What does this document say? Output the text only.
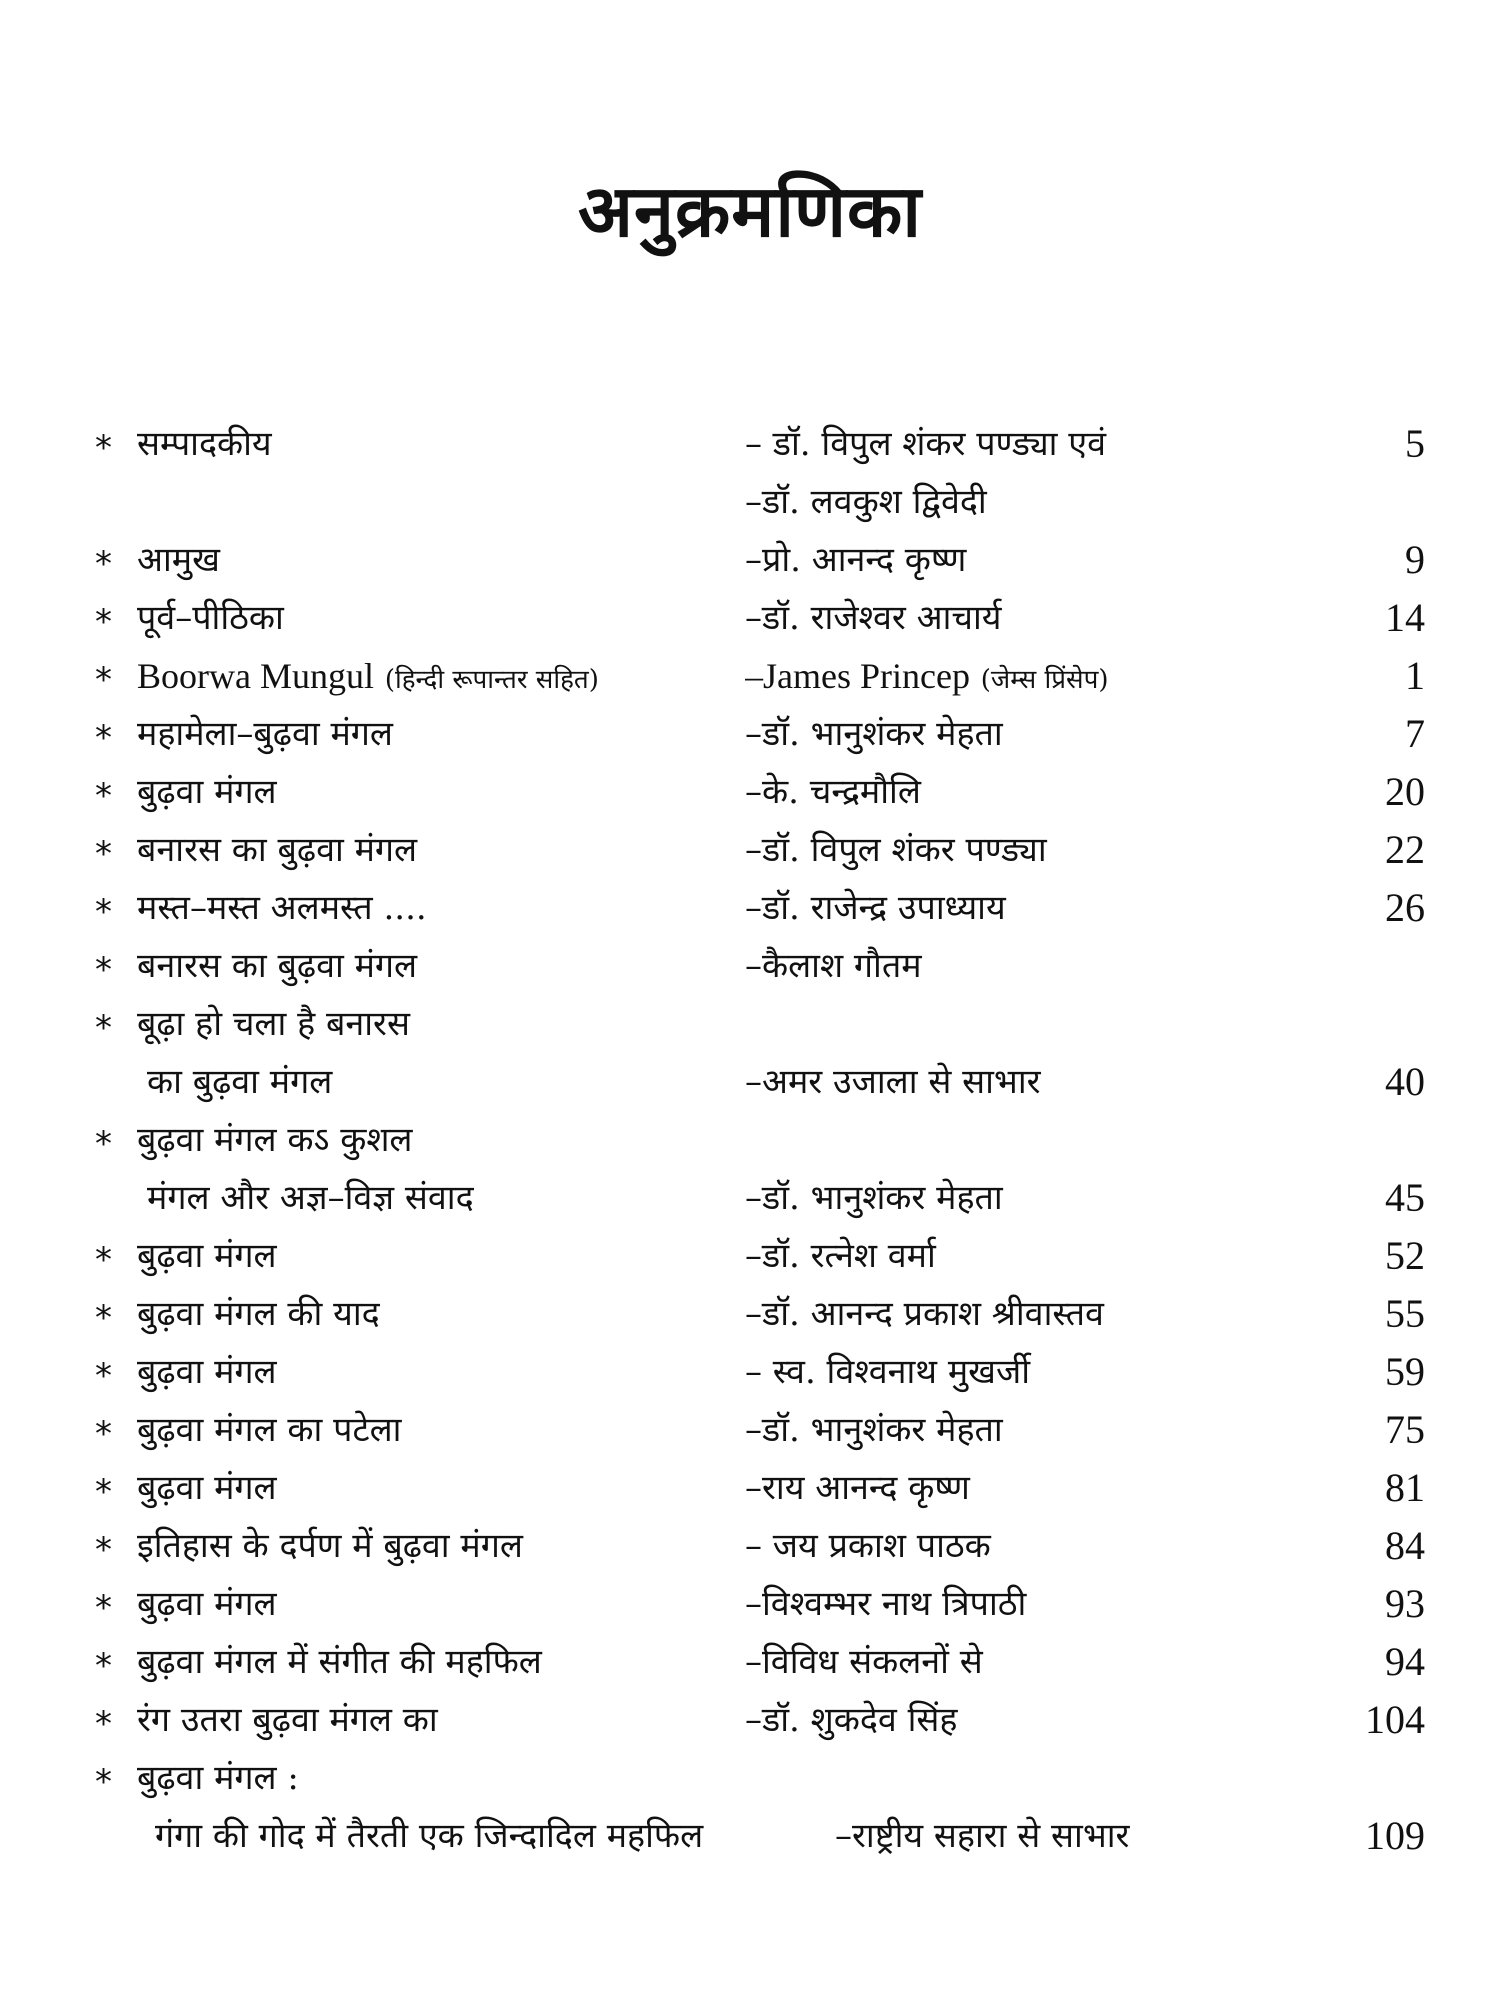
अनुक्रमणिका
* सम्पादकीय	– डॉ. विपुल शंकर पण्ड्या एवं	5
–डॉ. लवकुश द्विवेदी
* आमुख	–प्रो. आनन्द कृष्ण	9
* पूर्व–पीठिका	–डॉ. राजेश्वर आचार्य	14
* Boorwa Mungul (हिन्दी रूपान्तर सहित)	–James Princep (जेम्स प्रिंसेप)	1
* महामेला–बुढ़वा मंगल	–डॉ. भानुशंकर मेहता	7
* बुढ़वा मंगल	–के. चन्द्रमौलि	20
* बनारस का बुढ़वा मंगल	–डॉ. विपुल शंकर पण्ड्या	22
* मस्त–मस्त अलमस्त ....	–डॉ. राजेन्द्र उपाध्याय	26
* बनारस का बुढ़वा मंगल	–कैलाश गौतम
* बूढ़ा हो चला है बनारस
का बुढ़वा मंगल	–अमर उजाला से साभार	40
* बुढ़वा मंगल कऽ कुशल
मंगल और अज्ञ–विज्ञ संवाद	–डॉ. भानुशंकर मेहता	45
* बुढ़वा मंगल	–डॉ. रत्नेश वर्मा	52
* बुढ़वा मंगल की याद	–डॉ. आनन्द प्रकाश श्रीवास्तव	55
* बुढ़वा मंगल	– स्व. विश्वनाथ मुखर्जी	59
* बुढ़वा मंगल का पटेला	–डॉ. भानुशंकर मेहता	75
* बुढ़वा मंगल	–राय आनन्द कृष्ण	81
* इतिहास के दर्पण में बुढ़वा मंगल	– जय प्रकाश पाठक	84
* बुढ़वा मंगल	–विश्वम्भर नाथ त्रिपाठी	93
* बुढ़वा मंगल में संगीत की महफिल	–विविध संकलनों से	94
* रंग उतरा बुढ़वा मंगल का	–डॉ. शुकदेव सिंह	104
* बुढ़वा मंगल :
गंगा की गोद में तैरती एक जिन्दादिल महफिल	–राष्ट्रीय सहारा से साभार	109
